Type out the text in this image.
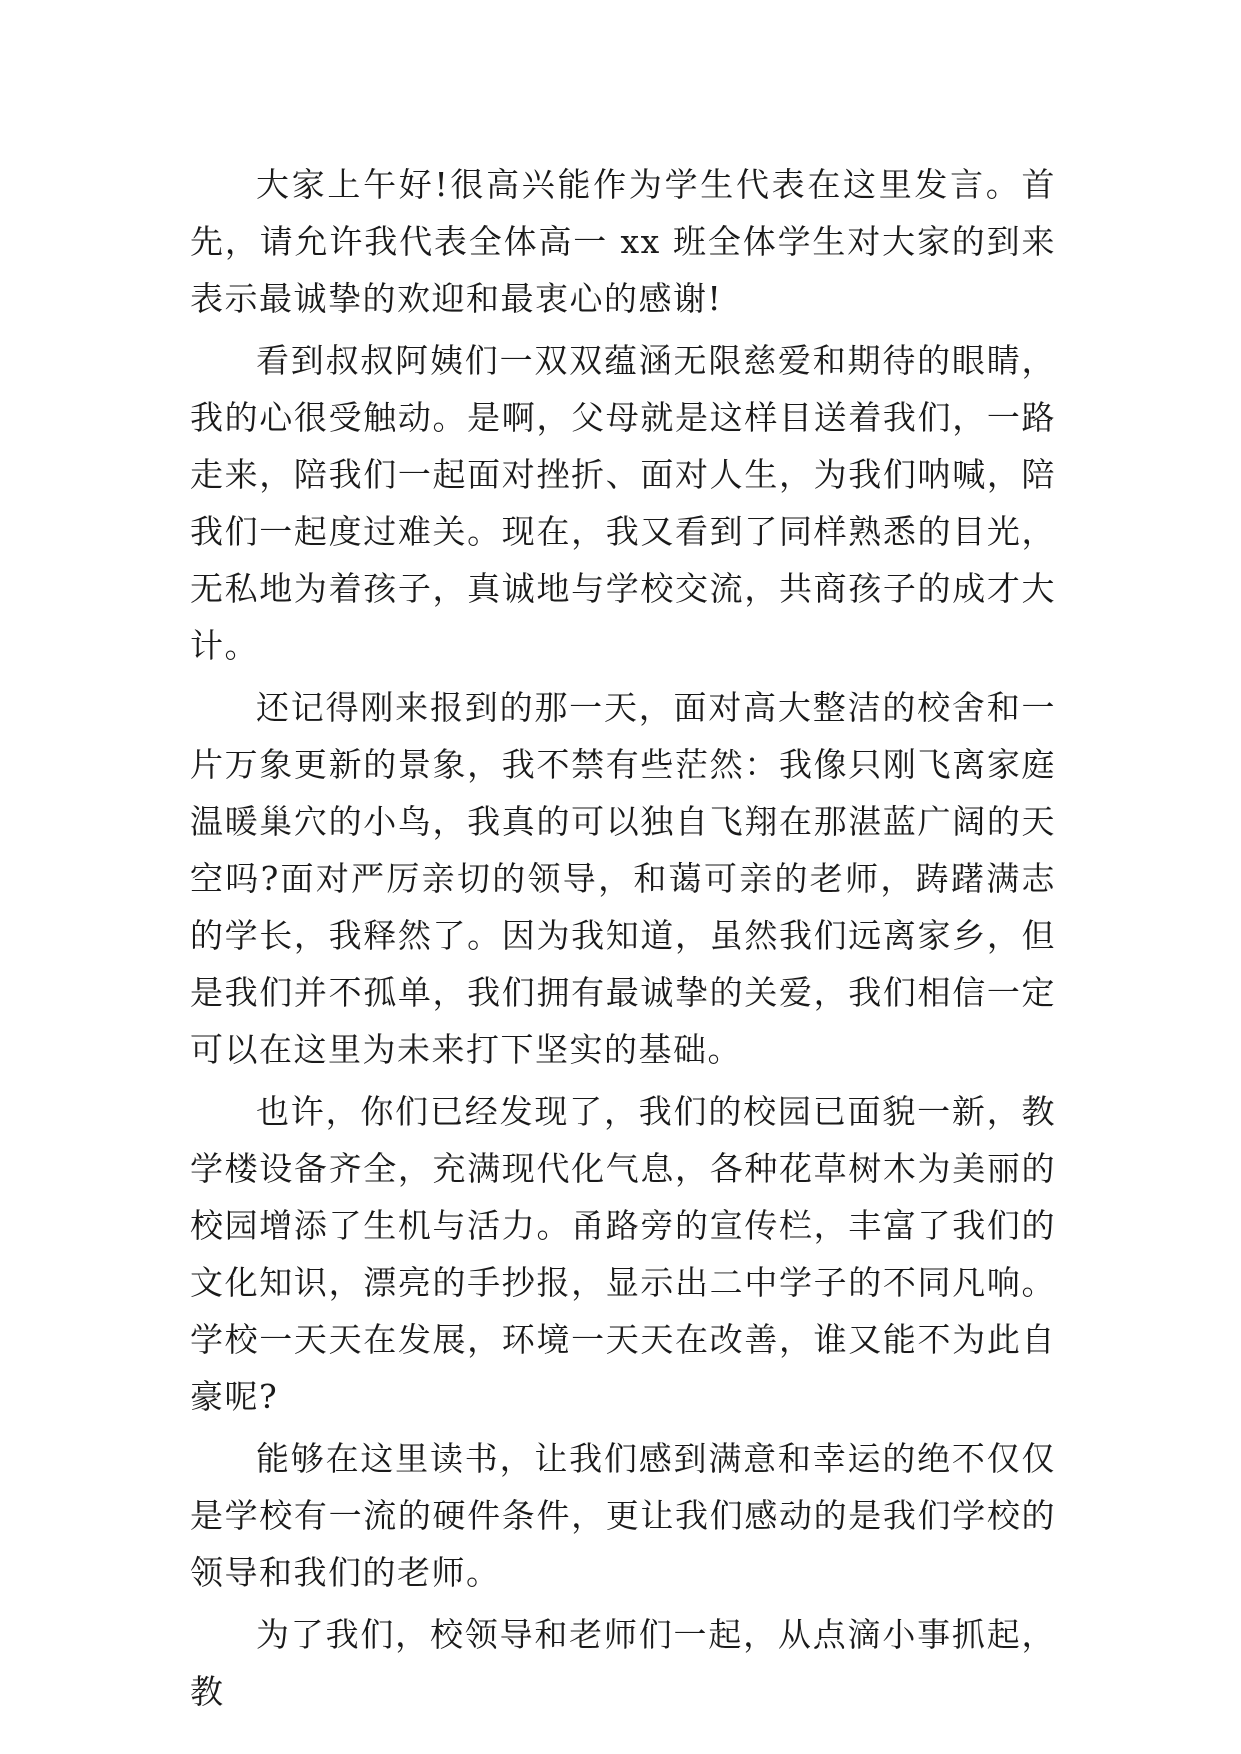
大家上午好!很高兴能作为学生代表在这里发言。首先，请允许我代表全体高一 xx 班全体学生对大家的到来表示最诚挚的欢迎和最衷心的感谢!

看到叔叔阿姨们一双双蕴涵无限慈爱和期待的眼睛，我的心很受触动。是啊，父母就是这样目送着我们，一路走来，陪我们一起面对挫折、面对人生，为我们呐喊，陪我们一起度过难关。现在，我又看到了同样熟悉的目光，无私地为着孩子，真诚地与学校交流，共商孩子的成才大计。

还记得刚来报到的那一天，面对高大整洁的校舍和一片万象更新的景象，我不禁有些茫然：我像只刚飞离家庭温暖巢穴的小鸟，我真的可以独自飞翔在那湛蓝广阔的天空吗?面对严厉亲切的领导，和蔼可亲的老师，踌躇满志的学长，我释然了。因为我知道，虽然我们远离家乡，但是我们并不孤单，我们拥有最诚挚的关爱，我们相信一定可以在这里为未来打下坚实的基础。

也许，你们已经发现了，我们的校园已面貌一新，教学楼设备齐全，充满现代化气息，各种花草树木为美丽的校园增添了生机与活力。甬路旁的宣传栏，丰富了我们的文化知识，漂亮的手抄报，显示出二中学子的不同凡响。学校一天天在发展，环境一天天在改善，谁又能不为此自豪呢?

能够在这里读书，让我们感到满意和幸运的绝不仅仅是学校有一流的硬件条件，更让我们感动的是我们学校的领导和我们的老师。

为了我们，校领导和老师们一起，从点滴小事抓起，教
